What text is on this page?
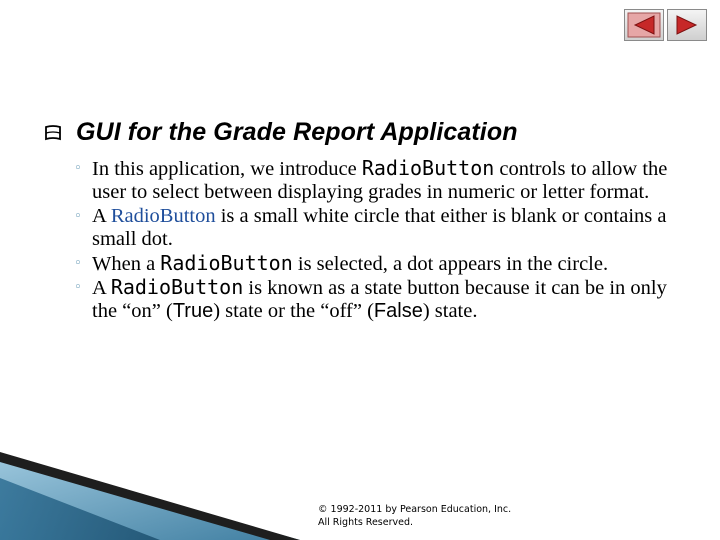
GUI for the Grade Report Application
◦ In this application, we introduce RadioButton controls to allow the user to select between displaying grades in numeric or letter format.
◦ A RadioButton is a small white circle that either is blank or contains a small dot.
◦ When a RadioButton is selected, a dot appears in the circle.
◦ A RadioButton is known as a state button because it can be in only the “on” (True) state or the “off” (False) state.
© 1992-2011 by Pearson Education, Inc.
All Rights Reserved.
